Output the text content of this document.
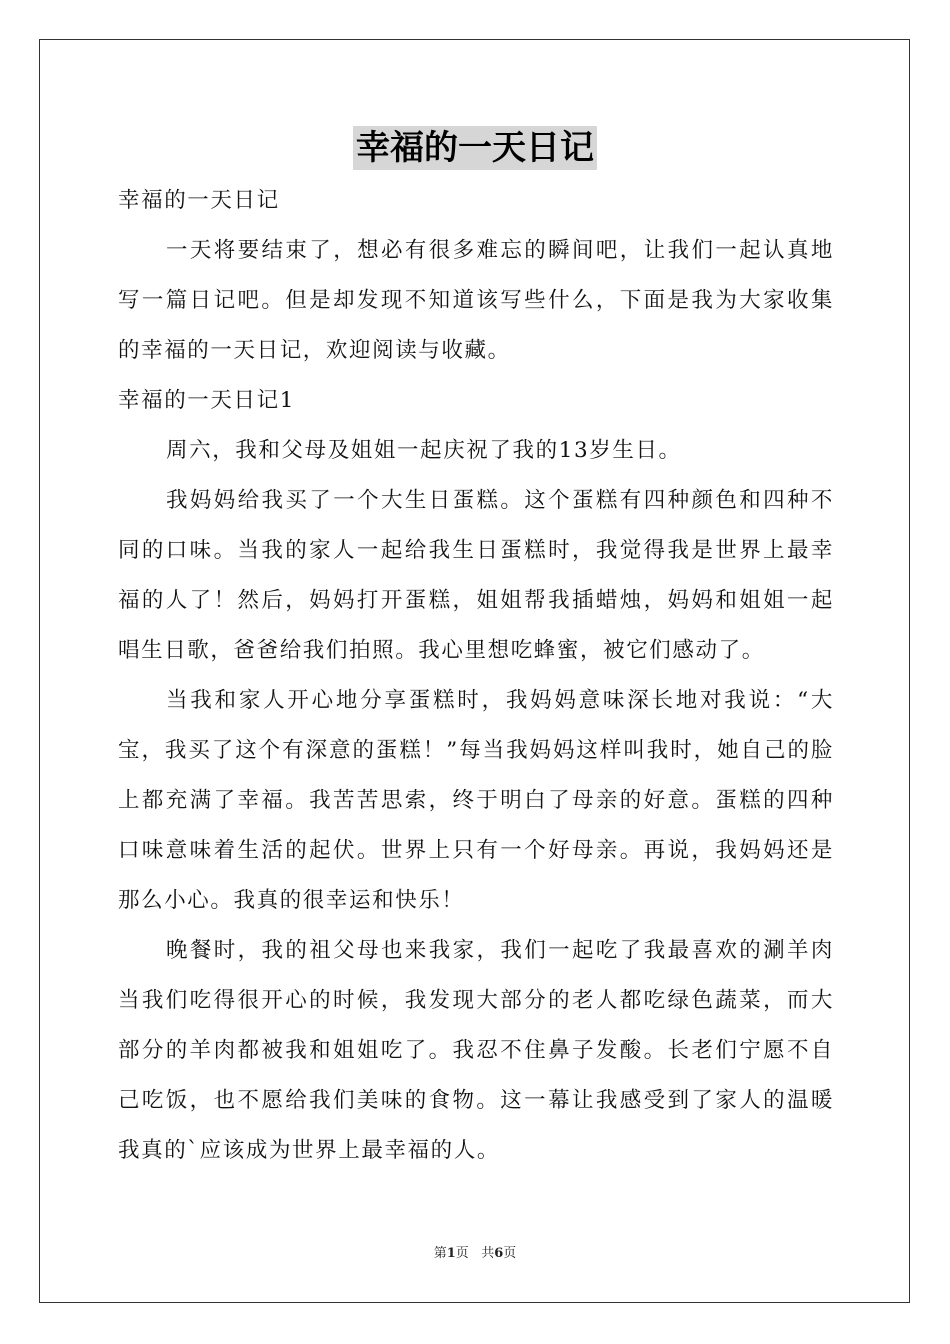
幸福的一天日记

幸福的一天日记

一天将要结束了，想必有很多难忘的瞬间吧，让我们一起认真地写一篇日记吧。但是却发现不知道该写些什么，下面是我为大家收集的幸福的一天日记，欢迎阅读与收藏。

幸福的一天日记1

周六，我和父母及姐姐一起庆祝了我的13岁生日。

我妈妈给我买了一个大生日蛋糕。这个蛋糕有四种颜色和四种不同的口味。当我的家人一起给我生日蛋糕时，我觉得我是世界上最幸福的人了！然后，妈妈打开蛋糕，姐姐帮我插蜡烛，妈妈和姐姐一起唱生日歌，爸爸给我们拍照。我心里想吃蜂蜜，被它们感动了。

当我和家人开心地分享蛋糕时，我妈妈意味深长地对我说：“大宝，我买了这个有深意的蛋糕！”每当我妈妈这样叫我时，她自己的脸上都充满了幸福。我苦苦思索，终于明白了母亲的好意。蛋糕的四种口味意味着生活的起伏。世界上只有一个好母亲。再说，我妈妈还是那么小心。我真的很幸运和快乐！

晚餐时，我的祖父母也来我家，我们一起吃了我最喜欢的涮羊肉当我们吃得很开心的时候，我发现大部分的老人都吃绿色蔬菜，而大部分的羊肉都被我和姐姐吃了。我忍不住鼻子发酸。长老们宁愿不自己吃饭，也不愿给我们美味的食物。这一幕让我感受到了家人的温暖我真的`应该成为世界上最幸福的人。

第1页 共6页
